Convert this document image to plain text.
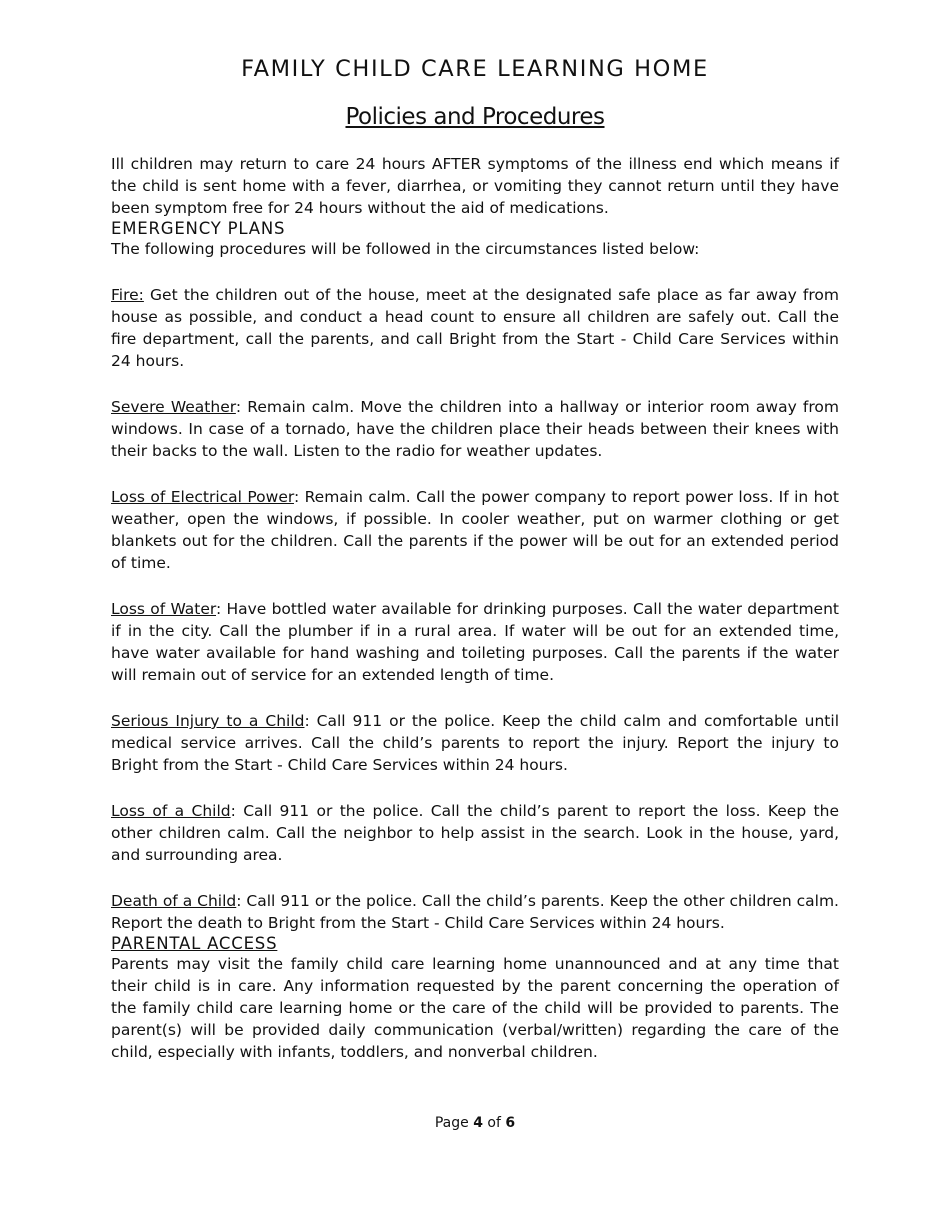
FAMILY CHILD CARE LEARNING HOME
Policies and Procedures

Ill children may return to care 24 hours AFTER symptoms of the illness end which means if the child is sent home with a fever, diarrhea, or vomiting they cannot return until they have been symptom free for 24 hours without the aid of medications.

EMERGENCY PLANS

The following procedures will be followed in the circumstances listed below:

Fire: Get the children out of the house, meet at the designated safe place as far away from house as possible, and conduct a head count to ensure all children are safely out. Call the fire department, call the parents, and call Bright from the Start - Child Care Services within 24 hours.

Severe Weather: Remain calm. Move the children into a hallway or interior room away from windows. In case of a tornado, have the children place their heads between their knees with their backs to the wall. Listen to the radio for weather updates.

Loss of Electrical Power: Remain calm. Call the power company to report power loss. If in hot weather, open the windows, if possible. In cooler weather, put on warmer clothing or get blankets out for the children. Call the parents if the power will be out for an extended period of time.

Loss of Water: Have bottled water available for drinking purposes. Call the water department if in the city. Call the plumber if in a rural area. If water will be out for an extended time, have water available for hand washing and toileting purposes. Call the parents if the water will remain out of service for an extended length of time.

Serious Injury to a Child: Call 911 or the police. Keep the child calm and comfortable until medical service arrives. Call the child’s parents to report the injury. Report the injury to Bright from the Start - Child Care Services within 24 hours.

Loss of a Child: Call 911 or the police. Call the child’s parent to report the loss. Keep the other children calm. Call the neighbor to help assist in the search. Look in the house, yard, and surrounding area.

Death of a Child: Call 911 or the police. Call the child’s parents. Keep the other children calm. Report the death to Bright from the Start - Child Care Services within 24 hours.

PARENTAL ACCESS

Parents may visit the family child care learning home unannounced and at any time that their child is in care. Any information requested by the parent concerning the operation of the family child care learning home or the care of the child will be provided to parents. The parent(s) will be provided daily communication (verbal/written) regarding the care of the child, especially with infants, toddlers, and nonverbal children.

Page 4 of 6
